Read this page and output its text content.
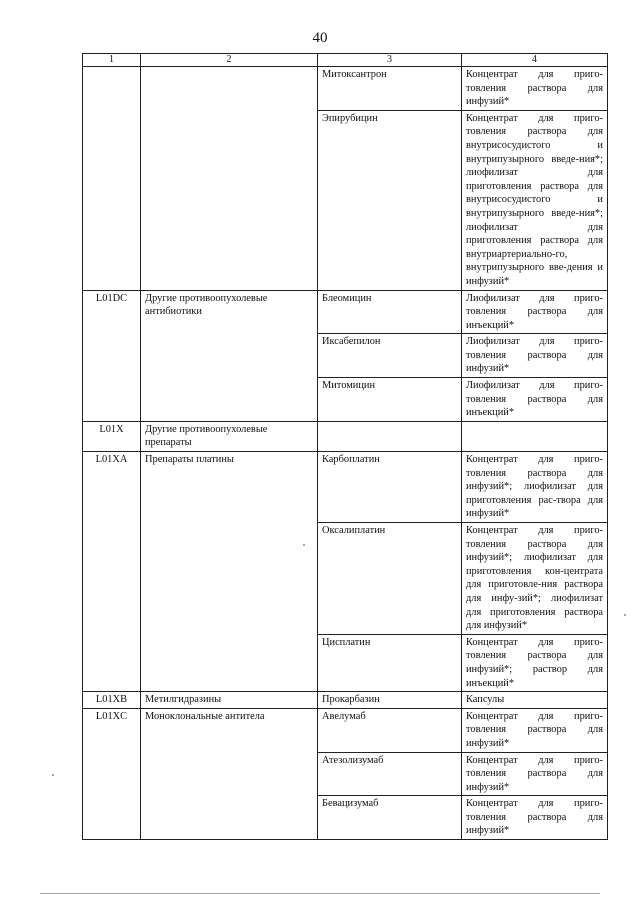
40
1	2	3	4
		Митоксантрон	Концентрат для приго-товления раствора для инфузий*
		Эпирубицин	Концентрат для приго-товления раствора для внутрисосудистого и внутрипузырного введе-ния*; лиофилизат для приготовления раствора для внутрисосудистого и внутрипузырного введе-ния*; лиофилизат для приготовления раствора для внутриартериально-го, внутрипузырного вве-дения и инфузий*
L01DC	Другие противоопухолевые антибиотики	Блеомицин	Лиофилизат для приго-товления раствора для инъекций*
		Иксабепилон	Лиофилизат для приго-товления раствора для инфузий*
		Митомицин	Лиофилизат для приго-товления раствора для инъекций*
L01X	Другие противоопухолевые препараты		
L01XA	Препараты платины	Карбоплатин	Концентрат для приго-товления раствора для инфузий*; лиофилизат для приготовления рас-твора для инфузий*
		Оксалиплатин	Концентрат для приго-товления раствора для инфузий*; лиофилизат для приготовления кон-центрата для приготовле-ния раствора для инфу-зий*; лиофилизат для приготовления раствора для инфузий*
		Цисплатин	Концентрат для приго-товления раствора для инфузий*; раствор для инъекций*
L01XB	Метилгидразины	Прокарбазин	Капсулы
L01XC	Моноклональные антитела	Авелумаб	Концентрат для приго-товления раствора для инфузий*
		Атезолизумаб	Концентрат для приго-товления раствора для инфузий*
		Бевацизумаб	Концентрат для приго-товления раствора для инфузий*
